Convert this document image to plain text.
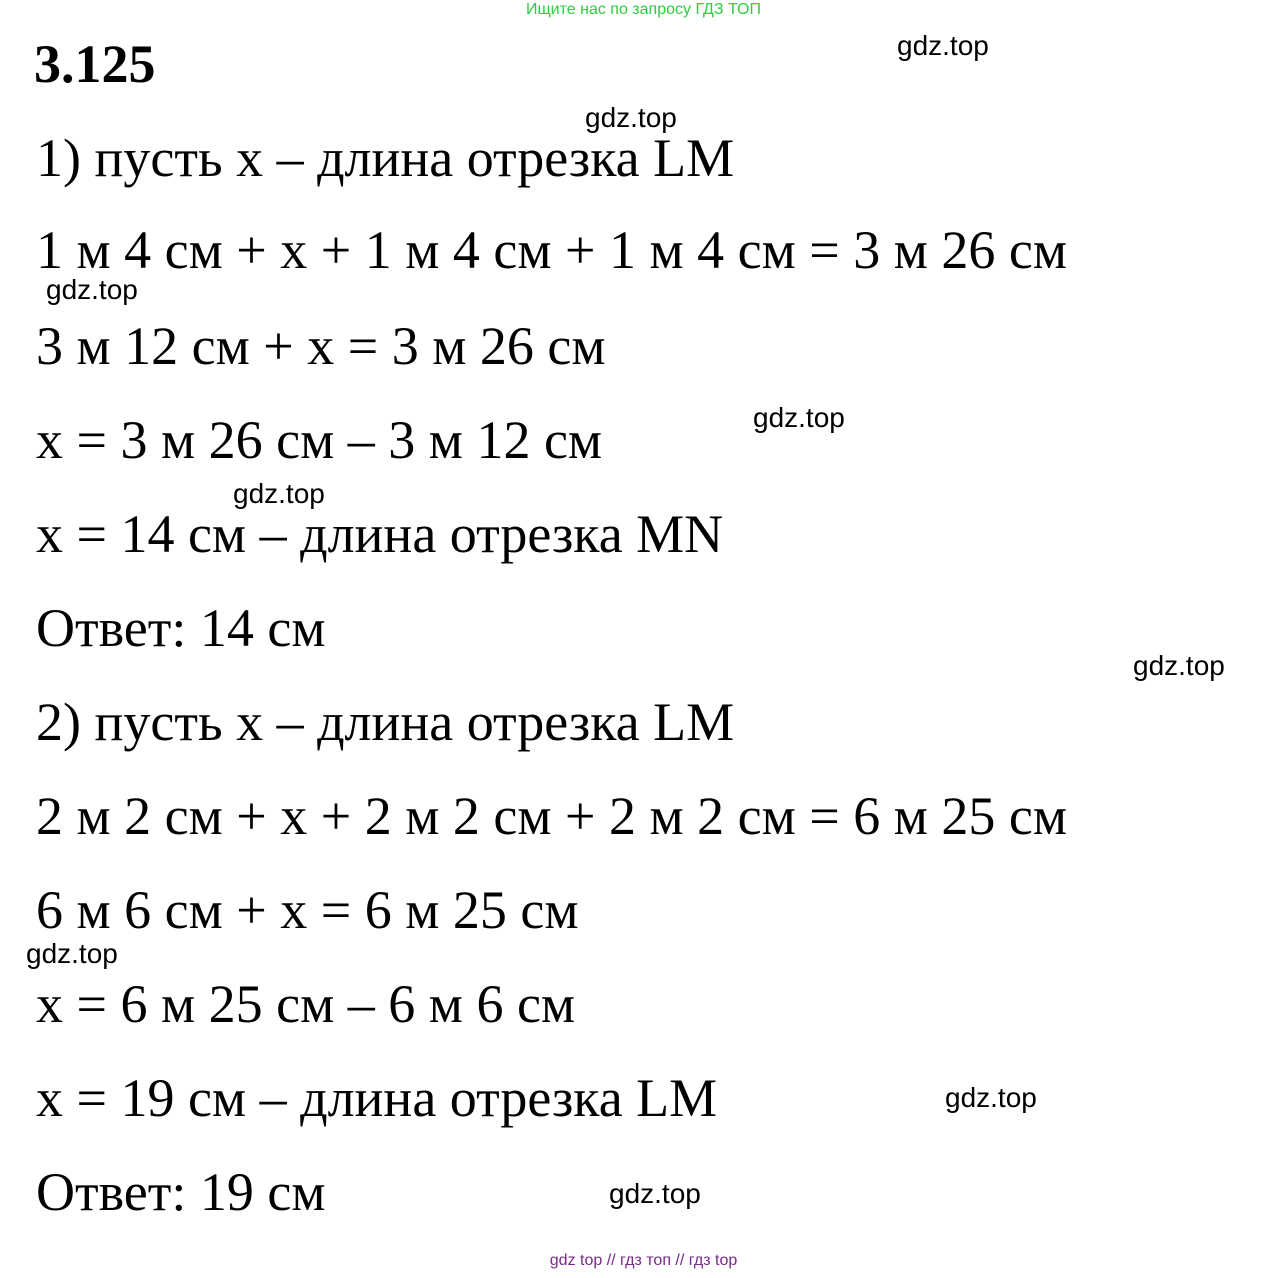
Ищите нас по запросу ГДЗ ТОП
3.125
1) пусть х – длина отрезка LM
1 м 4 см + х + 1 м 4 см + 1 м 4 см = 3 м 26 см
3 м 12 см + х = 3 м 26 см
х = 3 м 26 см – 3 м 12 см
х = 14 см – длина отрезка MN
Ответ: 14 см
2) пусть х – длина отрезка LM
2 м 2 см + х + 2 м 2 см + 2 м 2 см = 6 м 25 см
6 м 6 см + х = 6 м 25 см
х = 6 м 25 см – 6 м 6 см
х = 19 см – длина отрезка LM
Ответ: 19 см
gdz.top
gdz.top
gdz.top
gdz.top
gdz.top
gdz.top
gdz.top
gdz.top
gdz.top
gdz top // гдз топ // гдз top
